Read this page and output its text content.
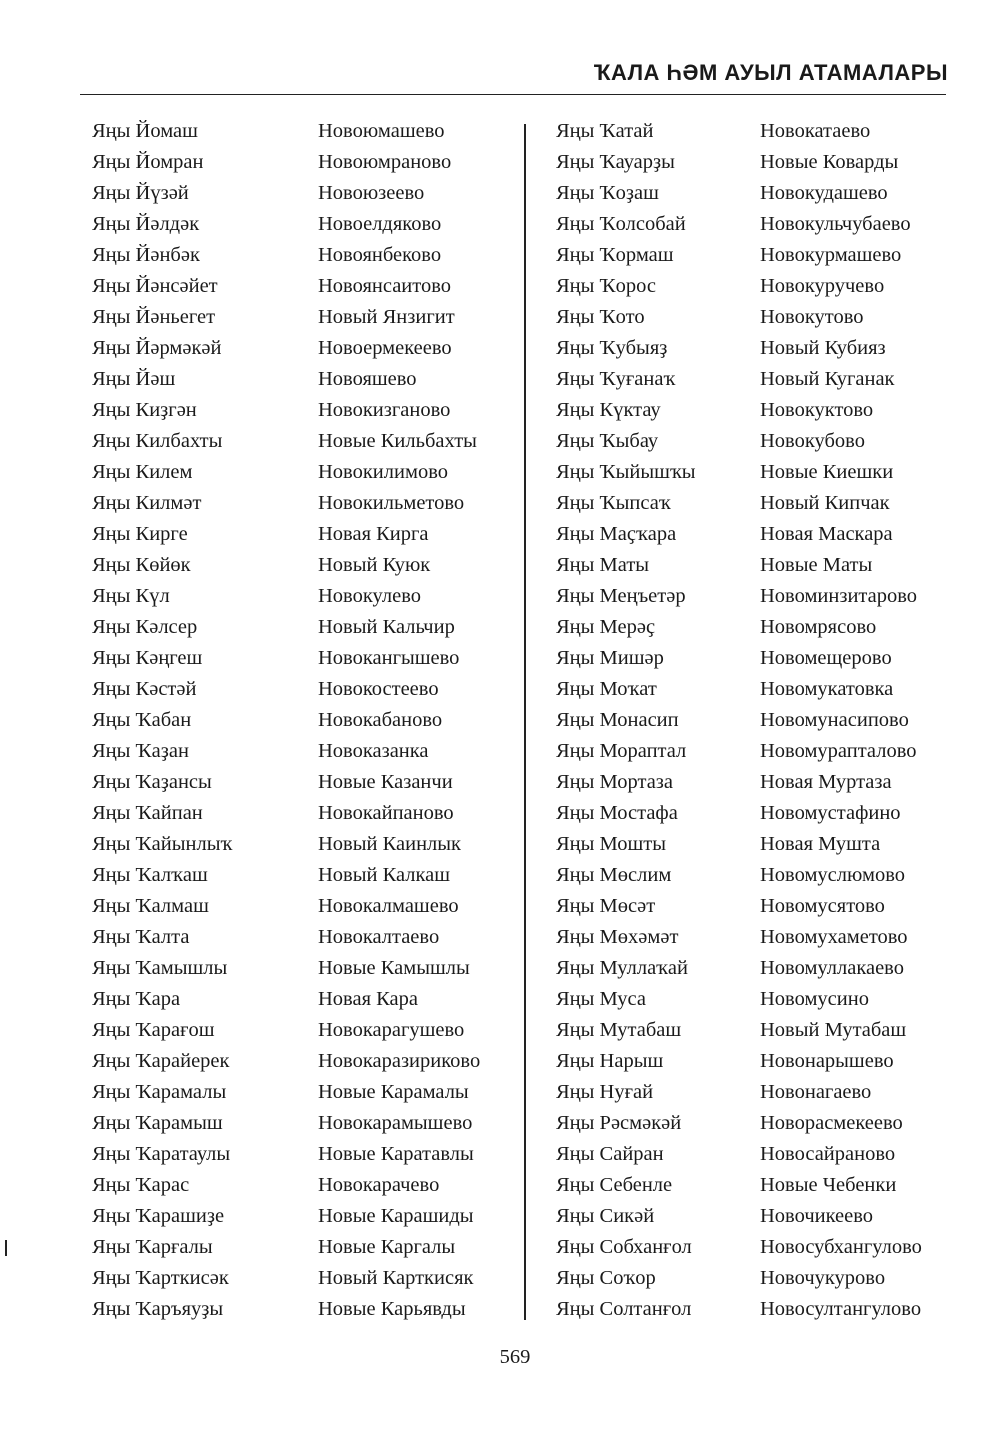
ҠАЛА ҺӘМ АУЫЛ АТАМАЛАРЫ
Яңы Йомаш
Яңы Йомран
Яңы Йүзәй
Яңы Йәлдәк
Яңы Йәнбәк
Яңы Йәнсәйет
Яңы Йәньегет
Яңы Йәрмәкәй
Яңы Йәш
Яңы Киҙгән
Яңы Килбахты
Яңы Килем
Яңы Килмәт
Яңы Кирге
Яңы Көйөк
Яңы Күл
Яңы Кәлсер
Яңы Кәңгеш
Яңы Кәстәй
Яңы Ҡабан
Яңы Ҡаҙан
Яңы Ҡаҙансы
Яңы Ҡайпан
Яңы Ҡайынлыҡ
Яңы Ҡалҡаш
Яңы Ҡалмаш
Яңы Ҡалта
Яңы Ҡамышлы
Яңы Ҡара
Яңы Ҡарағош
Яңы Ҡарайерек
Яңы Ҡарамалы
Яңы Ҡарамыш
Яңы Ҡаратаулы
Яңы Ҡарас
Яңы Ҡарашиҙе
Яңы Ҡарғалы
Яңы Ҡарткисәк
Яңы Ҡаръяуҙы
Новоюмашево
Новоюмраново
Новоюзеево
Новоелдяково
Новоянбеково
Новоянсаитово
Новый Янзигит
Новоермекеево
Новояшево
Новокизганово
Новые Кильбахты
Новокилимово
Новокильметово
Новая Кирга
Новый Куюк
Новокулево
Новый Кальчир
Новокангышево
Новокостеево
Новокабаново
Новоказанка
Новые Казанчи
Новокайпаново
Новый Каинлык
Новый Калкаш
Новокалмашево
Новокалтаево
Новые Камышлы
Новая Кара
Новокарагушево
Новокаразириково
Новые Карамалы
Новокарамышево
Новые Каратавлы
Новокарачево
Новые Карашиды
Новые Каргалы
Новый Карткисяк
Новые Карьявды
Яңы Ҡатай
Яңы Ҡауарҙы
Яңы Ҡоҙаш
Яңы Ҡолсобай
Яңы Ҡормаш
Яңы Ҡорос
Яңы Ҡото
Яңы Ҡубыяҙ
Яңы Ҡуғанаҡ
Яңы Күктау
Яңы Ҡыбау
Яңы Ҡыйышҡы
Яңы Ҡыпсаҡ
Яңы Маҫҡара
Яңы Маты
Яңы Меңъетәр
Яңы Мерәҫ
Яңы Мишәр
Яңы Моҡат
Яңы Монасип
Яңы Мораптал
Яңы Мортаза
Яңы Мостафа
Яңы Мошты
Яңы Мөслим
Яңы Мөсәт
Яңы Мөхәмәт
Яңы Муллаҡай
Яңы Муса
Яңы Мутабаш
Яңы Нарыш
Яңы Нуғай
Яңы Рәсмәкәй
Яңы Сайран
Яңы Себенле
Яңы Сикәй
Яңы Собханғол
Яңы Соҡор
Яңы Солтанғол
Новокатаево
Новые Коварды
Новокудашево
Новокульчубаево
Новокурмашево
Новокуручево
Новокутово
Новый Кубияз
Новый Куганак
Новокуктово
Новокубово
Новые Киешки
Новый Кипчак
Новая Маскара
Новые Маты
Новоминзитарово
Новомрясово
Новомещерово
Новомукатовка
Новомунасипово
Новомурапталово
Новая Муртаза
Новомустафино
Новая Мушта
Новомуслюмово
Новомусятово
Новомухаметово
Новомуллакаево
Новомусино
Новый Мутабаш
Новонарышево
Новонагаево
Новорасмекеево
Новосайраново
Новые Чебенки
Новочикеево
Новосубхангулово
Новочукурово
Новосултангулово
569
